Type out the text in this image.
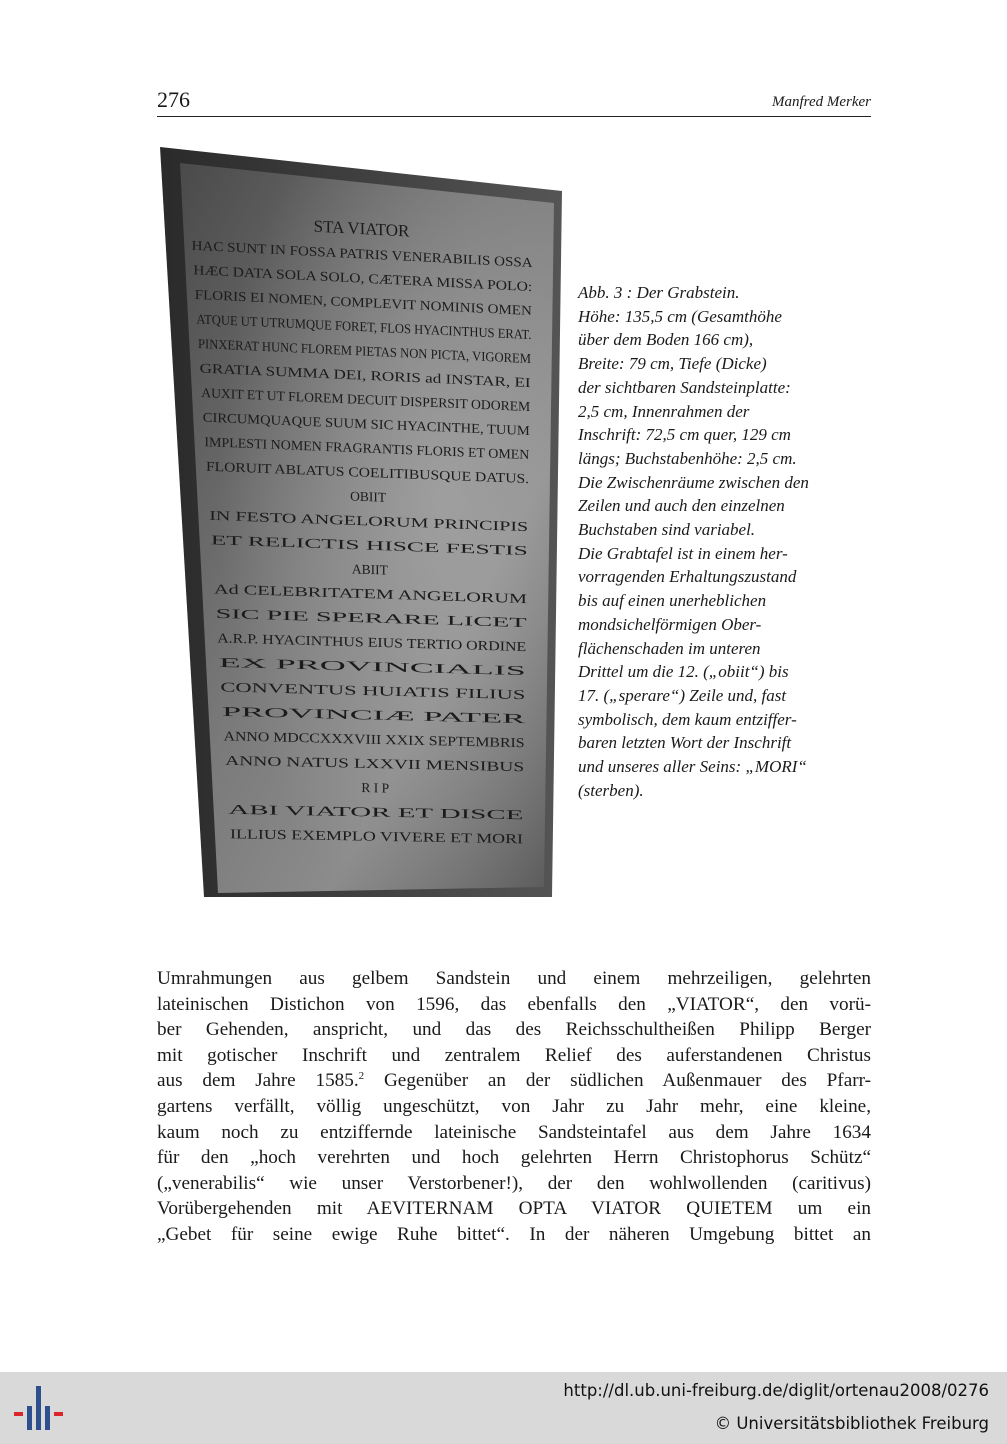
276	Manfred Merker
STA VIATOR
HAC SUNT IN FOSSA PATRIS VENERABILIS OSSA
HÆC DATA SOLA SOLO, CÆTERA MISSA POLO:
FLORIS EI NOMEN, COMPLEVIT NOMINIS OMEN
ATQUE UT UTRUMQUE FORET, FLOS HYACINTHUS ERAT.
PINXERAT HUNC FLOREM PIETAS NON PICTA, VIGOREM
GRATIA SUMMA DEI, RORIS ad INSTAR, EI
AUXIT ET UT FLOREM DECUIT DISPERSIT ODOREM
CIRCUMQUAQUE SUUM SIC HYACINTHE, TUUM
IMPLESTI NOMEN FRAGRANTIS FLORIS ET OMEN
FLORUIT ABLATUS COELITIBUSQUE DATUS.
OBIIT
IN FESTO ANGELORUM PRINCIPIS
ET RELICTIS HISCE FESTIS
ABIIT
Ad CELEBRITATEM ANGELORUM
SIC PIE SPERARE LICET
A.R.P. HYACINTHUS EIUS TERTIO ORDINE
EX PROVINCIALIS
CONVENTUS HUIATIS FILIUS
PROVINCIÆ PATER
ANNO MDCCXXXVIII XXIX SEPTEMBRIS
ANNO NATUS LXXVII MENSIBUS
R I P
ABI VIATOR ET DISCE
ILLIUS EXEMPLO VIVERE ET MORI
Abb. 3 : Der Grabstein.
Höhe: 135,5 cm (Gesamthöhe
über dem Boden 166 cm),
Breite: 79 cm, Tiefe (Dicke)
der sichtbaren Sandsteinplatte:
2,5 cm, Innenrahmen der
Inschrift: 72,5 cm quer, 129 cm
längs; Buchstabenhöhe: 2,5 cm.
Die Zwischenräume zwischen den
Zeilen und auch den einzelnen
Buchstaben sind variabel.
Die Grabtafel ist in einem her-
vorragenden Erhaltungszustand
bis auf einen unerheblichen
mondsichelförmigen Ober-
flächenschaden im unteren
Drittel um die 12. („obiit“) bis
17. („sperare“) Zeile und, fast
symbolisch, dem kaum entziffer-
baren letzten Wort der Inschrift
und unseres aller Seins: „MORI“
(sterben).
Umrahmungen aus gelbem Sandstein und einem mehrzeiligen, gelehrten
lateinischen Distichon von 1596, das ebenfalls den „VIATOR“, den vorü-
ber Gehenden, anspricht, und das des Reichsschultheißen Philipp Berger
mit gotischer Inschrift und zentralem Relief des auferstandenen Christus
aus dem Jahre 1585.$^2$ Gegenüber an der südlichen Außenmauer des Pfarr-
gartens verfällt, völlig ungeschützt, von Jahr zu Jahr mehr, eine kleine,
kaum noch zu entziffernde lateinische Sandsteintafel aus dem Jahre 1634
für den „hoch verehrten und hoch gelehrten Herrn Christophorus Schütz“
(„venerabilis“ wie unser Verstorbener!), der den wohlwollenden (caritivus)
Vorübergehenden mit AEVITERNAM OPTA VIATOR QUIETEM um ein
„Gebet für seine ewige Ruhe bittet“. In der näheren Umgebung bittet an
http://dl.ub.uni-freiburg.de/diglit/ortenau2008/0276
© Universitätsbibliothek Freiburg
